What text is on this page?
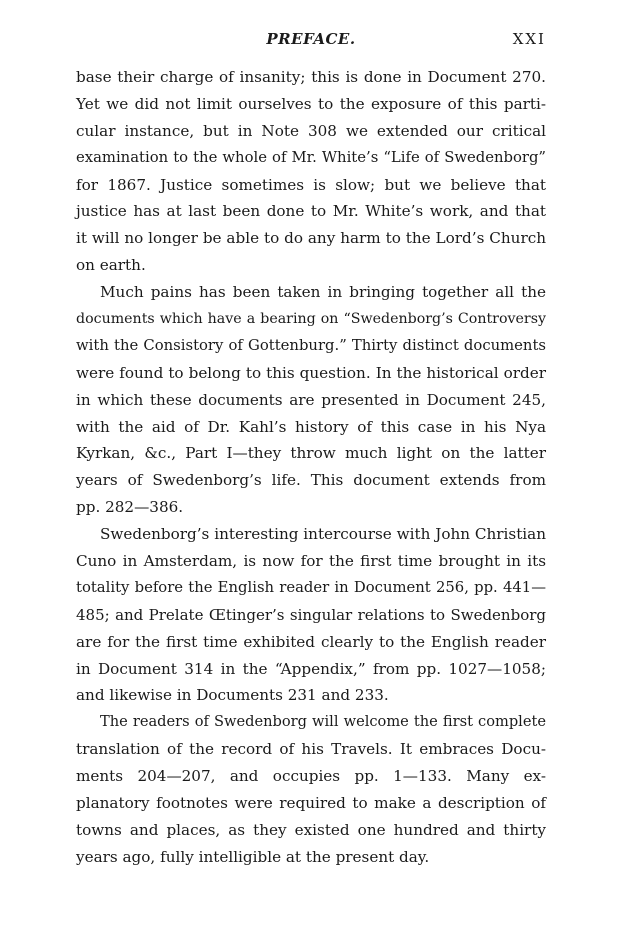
PREFACE.	XXI
base their charge of insanity; this is done in Document 270.
Yet we did not limit ourselves to the exposure of this parti-
cular instance, but in Note 308 we extended our critical
examination to the whole of Mr. White’s “Life of Swedenborg”
for 1867. Justice sometimes is slow; but we believe that
justice has at last been done to Mr. White’s work, and that
it will no longer be able to do any harm to the Lord’s Church
on earth.
Much pains has been taken in bringing together all the
documents which have a bearing on “Swedenborg’s Controversy
with the Consistory of Gottenburg.” Thirty distinct documents
were found to belong to this question. In the historical order
in which these documents are presented in Document 245,
with the aid of Dr. Kahl’s history of this case in his Nya
Kyrkan, &c., Part I—they throw much light on the latter
years of Swedenborg’s life. This document extends from
pp. 282—386.
Swedenborg’s interesting intercourse with John Christian
Cuno in Amsterdam, is now for the first time brought in its
totality before the English reader in Document 256, pp. 441—
485; and Prelate Œtinger’s singular relations to Swedenborg
are for the first time exhibited clearly to the English reader
in Document 314 in the “Appendix,” from pp. 1027—1058;
and likewise in Documents 231 and 233.
The readers of Swedenborg will welcome the first complete
translation of the record of his Travels. It embraces Docu-
ments 204—207, and occupies pp. 1—133. Many ex-
planatory footnotes were required to make a description of
towns and places, as they existed one hundred and thirty
years ago, fully intelligible at the present day.
